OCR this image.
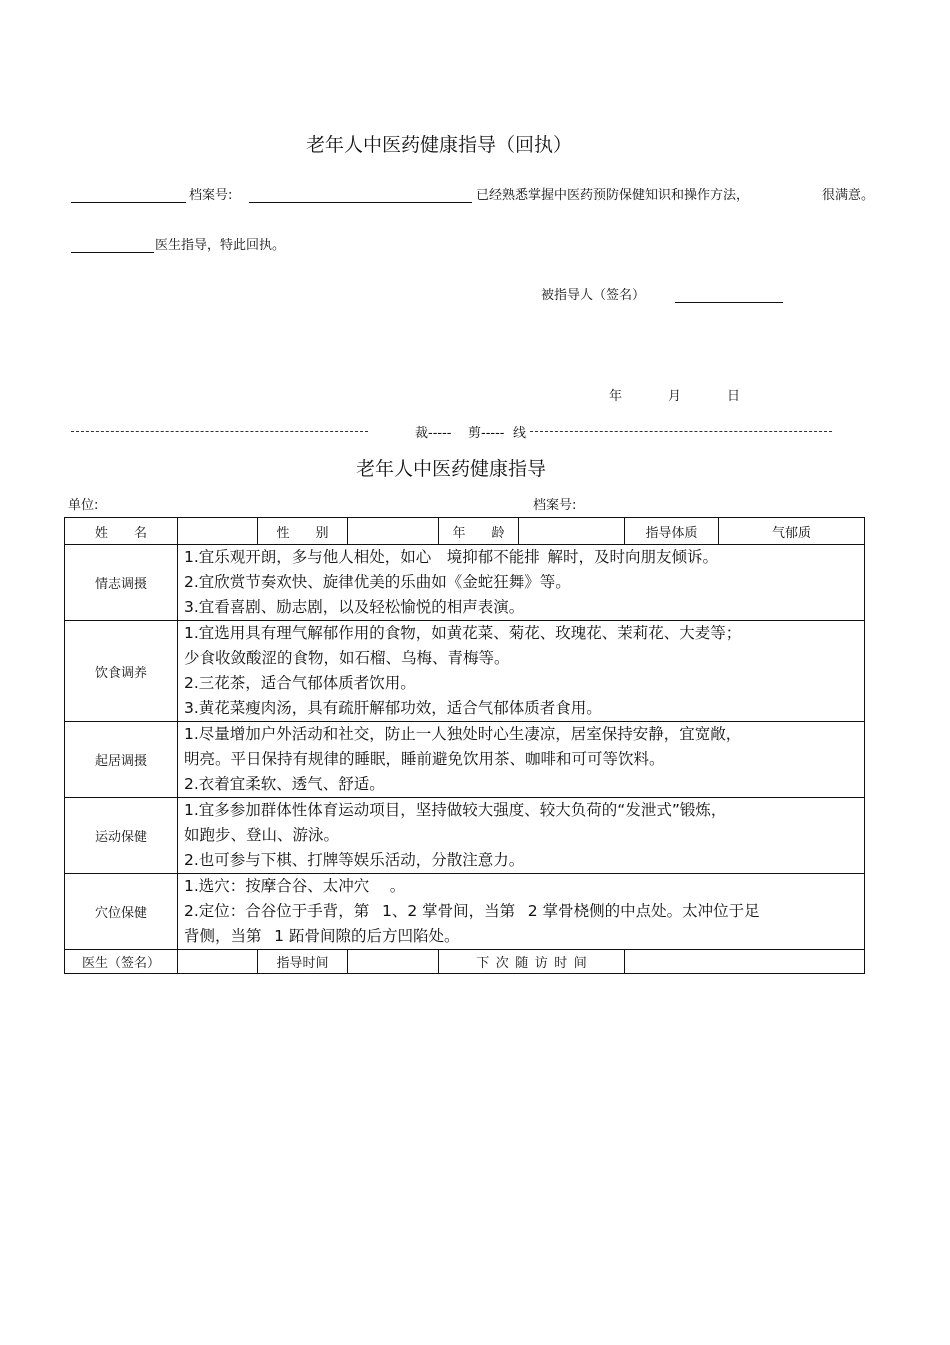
老年人中医药健康指导（回执）
档案号:	已经熟悉掌握中医药预防保健知识和操作方法，	很满意。
医生指导，特此回执。
被指导人（签名）
年	月	日
裁----- 剪----- 线
老年人中医药健康指导
单位:	档案号:
姓　　名		性　　别		年　　龄		指导体质	气郁质
情志调摄	1.宜乐观开朗，多与他人相处，如心　境抑郁不能排 解时，及时向朋友倾诉。
2.宜欣赏节奏欢快、旋律优美的乐曲如《金蛇狂舞》等。
3.宜看喜剧、励志剧，以及轻松愉悦的相声表演。						

饮食调养	1.宜选用具有理气解郁作用的食物，如黄花菜、菊花、玫瑰花、茉莉花、大麦等；
少食收敛酸涩的食物，如石榴、乌梅、青梅等。
2.三花茶，适合气郁体质者饮用。
3.黄花菜瘦肉汤，具有疏肝解郁功效，适合气郁体质者食用。						

起居调摄	1.尽量增加户外活动和社交，防止一人独处时心生凄凉，居室保持安静，宜宽敞，
明亮。平日保持有规律的睡眠，睡前避免饮用茶、咖啡和可可等饮料。
2.衣着宜柔软、透气、舒适。						

运动保健	1.宜多参加群体性体育运动项目，坚持做较大强度、较大负荷的“发泄式”锻炼，
如跑步、登山、游泳。
2.也可参与下棋、打牌等娱乐活动，分散注意力。						

穴位保健	1.选穴：按摩合谷、太冲穴　 。
2.定位：合谷位于手背，第  1、2 掌骨间，当第  2 掌骨桡侧的中点处。太冲位于足
背侧，当第  1 跖骨间隙的后方凹陷处。						

医生（签名）		指导时间		下 次 随 访 时 间			
